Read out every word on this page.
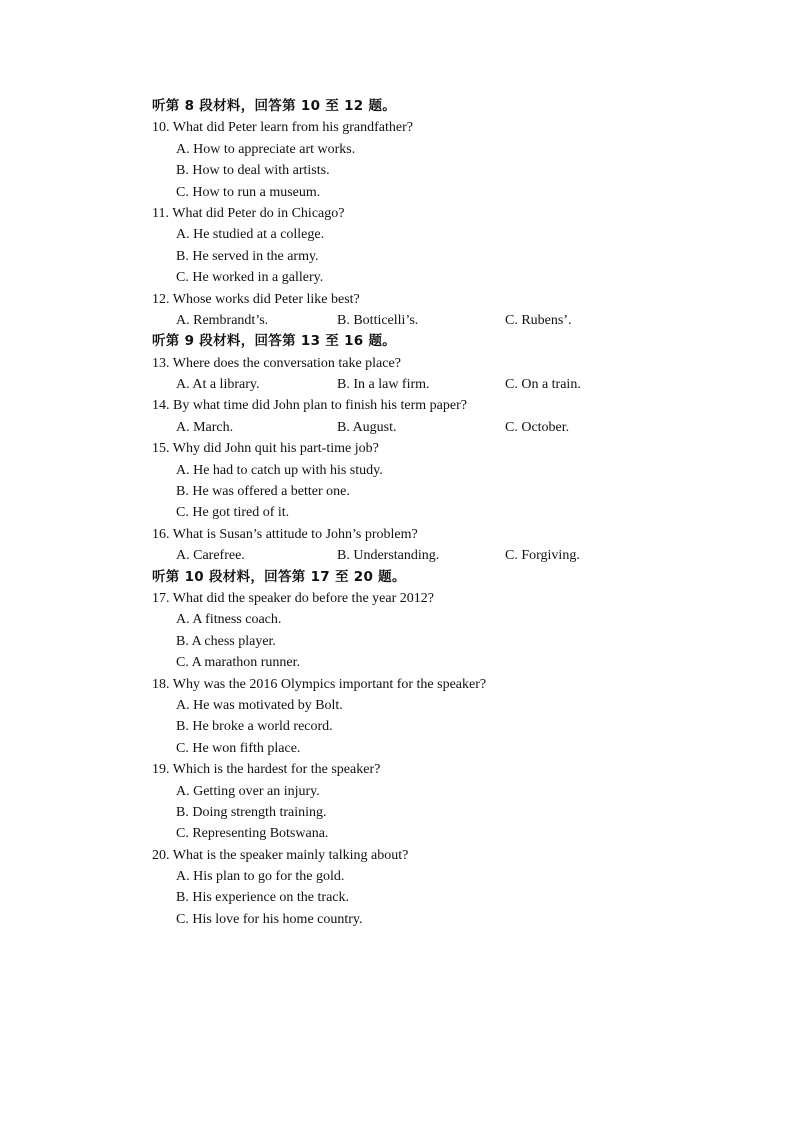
听第 8 段材料，回答第 10 至 12 题。
10. What did Peter learn from his grandfather?
A. How to appreciate art works.
B. How to deal with artists.
C. How to run a museum.
11. What did Peter do in Chicago?
A. He studied at a college.
B. He served in the army.
C. He worked in a gallery.
12. Whose works did Peter like best?
A. Rembrandt’s.	B. Botticelli’s.	C. Rubens’.
听第 9 段材料，回答第 13 至 16 题。
13. Where does the conversation take place?
A. At a library.	B. In a law firm.	C. On a train.
14. By what time did John plan to finish his term paper?
A. March.	B. August.	C. October.
15. Why did John quit his part-time job?
A. He had to catch up with his study.
B. He was offered a better one.
C. He got tired of it.
16. What is Susan’s attitude to John’s problem?
A. Carefree.	B. Understanding.	C. Forgiving.
听第 10 段材料，回答第 17 至 20 题。
17. What did the speaker do before the year 2012?
A. A fitness coach.
B. A chess player.
C. A marathon runner.
18. Why was the 2016 Olympics important for the speaker?
A. He was motivated by Bolt.
B. He broke a world record.
C. He won fifth place.
19. Which is the hardest for the speaker?
A. Getting over an injury.
B. Doing strength training.
C. Representing Botswana.
20. What is the speaker mainly talking about?
A. His plan to go for the gold.
B. His experience on the track.
C. His love for his home country.
